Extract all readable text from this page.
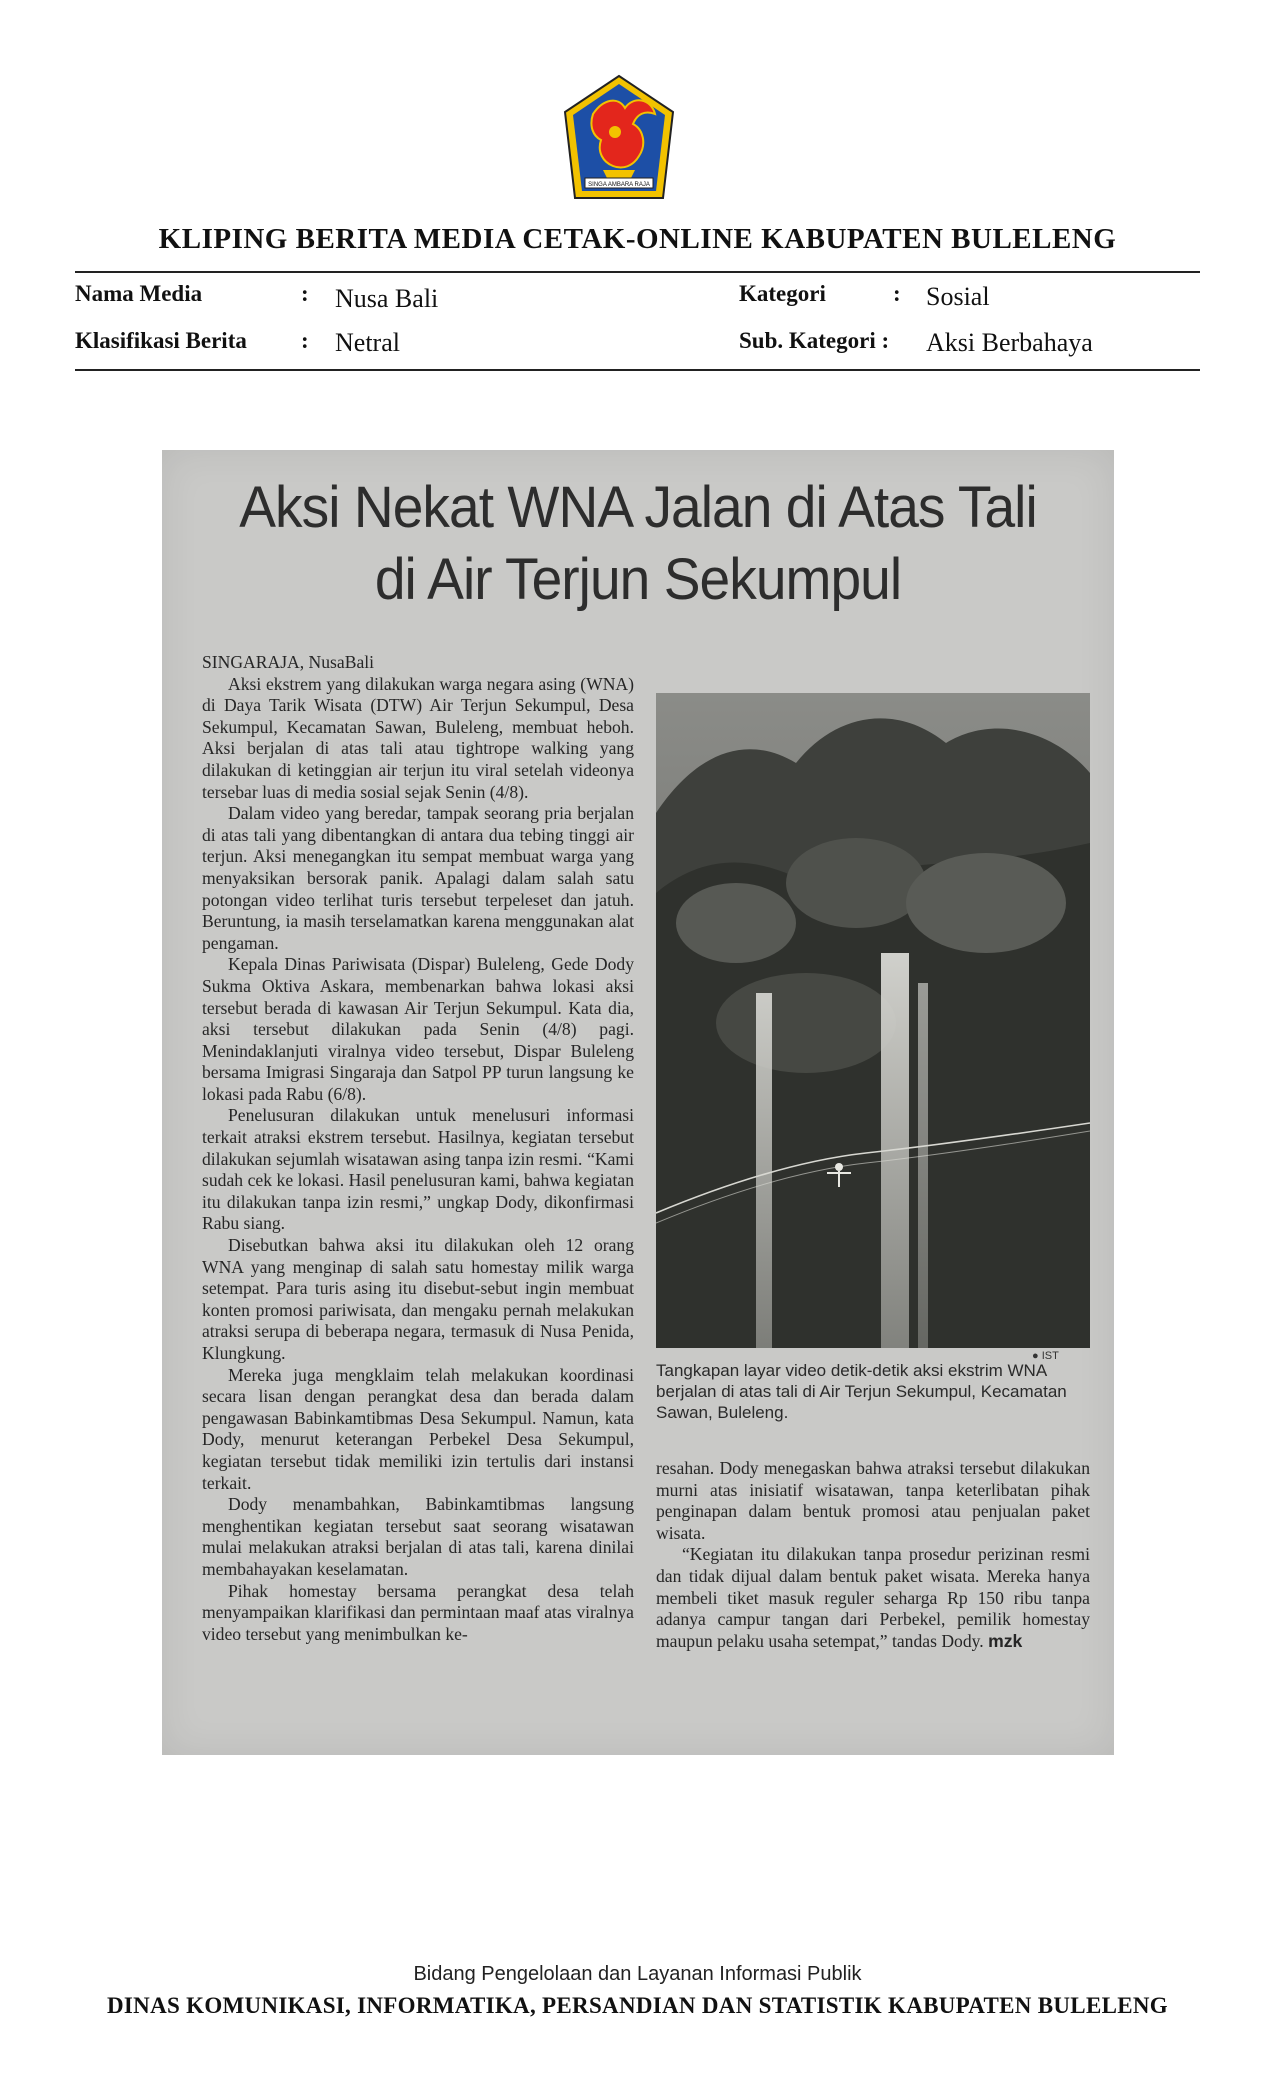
SINGA AMBARA RAJA
KLIPING BERITA MEDIA CETAK-ONLINE KABUPATEN BULELENG
Nama Media	: Nusa Bali
Klasifikasi Berita : Netral
Kategori	: Sosial
Sub. Kategori : Aksi Berbahaya
Aksi Nekat WNA Jalan di Atas Tali
di Air Terjun Sekumpul

SINGARAJA, NusaBali

Aksi ekstrem yang dilakukan warga negara asing (WNA) di Daya Tarik Wisata (DTW) Air Terjun Sekumpul, Desa Sekumpul, Kecamatan Sawan, Buleleng, membuat heboh. Aksi berjalan di atas tali atau tightrope walking yang dilakukan di ketinggian air terjun itu viral setelah videonya tersebar luas di media sosial sejak Senin (4/8).

Dalam video yang beredar, tampak seorang pria berjalan di atas tali yang dibentangkan di antara dua tebing tinggi air terjun. Aksi menegangkan itu sempat membuat warga yang menyaksikan bersorak panik. Apalagi dalam salah satu potongan video terlihat turis tersebut terpeleset dan jatuh. Beruntung, ia masih terselamatkan karena menggunakan alat pengaman.

Kepala Dinas Pariwisata (Dispar) Buleleng, Gede Dody Sukma Oktiva Askara, membenarkan bahwa lokasi aksi tersebut berada di kawasan Air Terjun Sekumpul. Kata dia, aksi tersebut dilakukan pada Senin (4/8) pagi. Menindaklanjuti viralnya video tersebut, Dispar Buleleng bersama Imigrasi Singaraja dan Satpol PP turun langsung ke lokasi pada Rabu (6/8).

Penelusuran dilakukan untuk menelusuri informasi terkait atraksi ekstrem tersebut. Hasilnya, kegiatan tersebut dilakukan sejumlah wisatawan asing tanpa izin resmi. “Kami sudah cek ke lokasi. Hasil penelusuran kami, bahwa kegiatan itu dilakukan tanpa izin resmi,” ungkap Dody, dikonfirmasi Rabu siang.

Disebutkan bahwa aksi itu dilakukan oleh 12 orang WNA yang menginap di salah satu homestay milik warga setempat. Para turis asing itu disebut-sebut ingin membuat konten promosi pariwisata, dan mengaku pernah melakukan atraksi serupa di beberapa negara, termasuk di Nusa Penida, Klungkung.

Mereka juga mengklaim telah melakukan koordinasi secara lisan dengan perangkat desa dan berada dalam pengawasan Babinkamtibmas Desa Sekumpul. Namun, kata Dody, menurut keterangan Perbekel Desa Sekumpul, kegiatan tersebut tidak memiliki izin tertulis dari instansi terkait.

Dody menambahkan, Babinkamtibmas langsung menghentikan kegiatan tersebut saat seorang wisatawan mulai melakukan atraksi berjalan di atas tali, karena dinilai membahayakan keselamatan.

Pihak homestay bersama perangkat desa telah menyampaikan klarifikasi dan permintaan maaf atas viralnya video tersebut yang menimbulkan ke-

● IST
Tangkapan layar video detik-detik aksi ekstrim WNA berjalan di atas tali di Air Terjun Sekumpul, Kecamatan Sawan, Buleleng.

resahan. Dody menegaskan bahwa atraksi tersebut dilakukan murni atas inisiatif wisatawan, tanpa keterlibatan pihak penginapan dalam bentuk promosi atau penjualan paket wisata.

“Kegiatan itu dilakukan tanpa prosedur perizinan resmi dan tidak dijual dalam bentuk paket wisata. Mereka hanya membeli tiket masuk reguler seharga Rp 150 ribu tanpa adanya campur tangan dari Perbekel, pemilik homestay maupun pelaku usaha setempat,” tandas Dody. mzk

Bidang Pengelolaan dan Layanan Informasi Publik
DINAS KOMUNIKASI, INFORMATIKA, PERSANDIAN DAN STATISTIK KABUPATEN BULELENG
